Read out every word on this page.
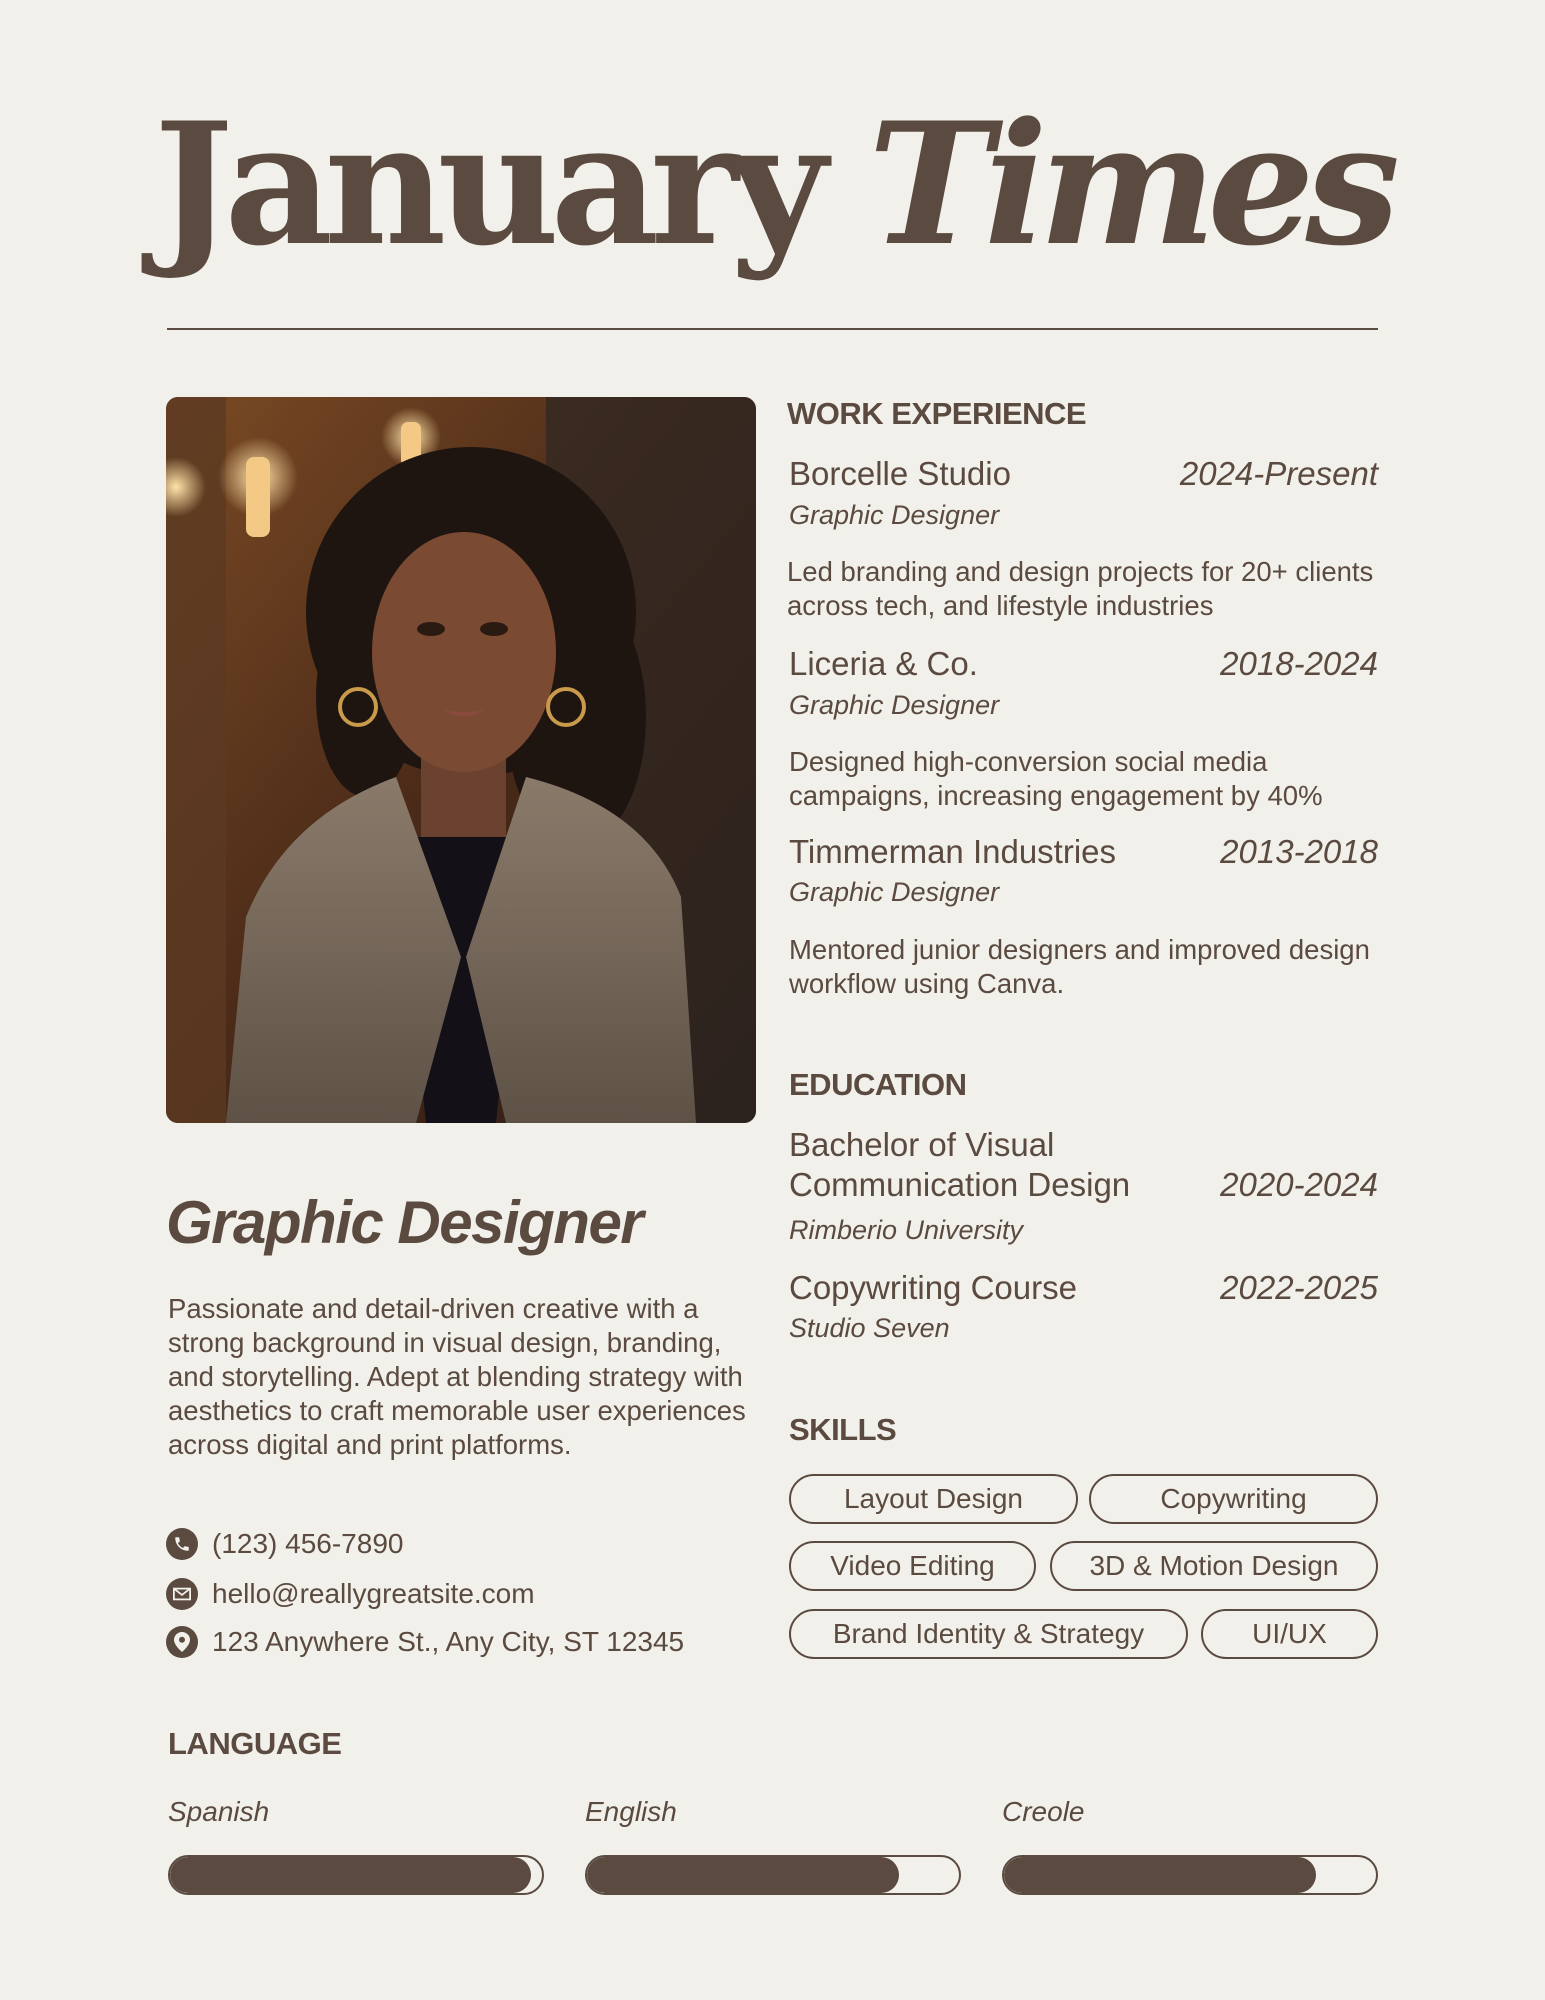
January Times
Graphic Designer
Passionate and detail-driven creative with a strong background in visual design, branding, and storytelling. Adept at blending strategy with aesthetics to craft memorable user experiences across digital and print platforms.
(123) 456-7890
hello@reallygreatsite.com
123 Anywhere St., Any City, ST 12345
WORK EXPERIENCE
Borcelle Studio	2024-Present
Graphic Designer
Led branding and design projects for 20+ clients across tech, and lifestyle industries
Liceria & Co.	2018-2024
Graphic Designer
Designed high-conversion social media campaigns, increasing engagement by 40%
Timmerman Industries	2013-2018
Graphic Designer
Mentored junior designers and improved design workflow using Canva.
EDUCATION
Bachelor of Visual
Communication Design	2020-2024
Rimberio University
Copywriting Course	2022-2025
Studio Seven
SKILLS
Layout Design	Copywriting
Video Editing	3D & Motion Design
Brand Identity & Strategy	UI/UX
LANGUAGE
Spanish	English	Creole
